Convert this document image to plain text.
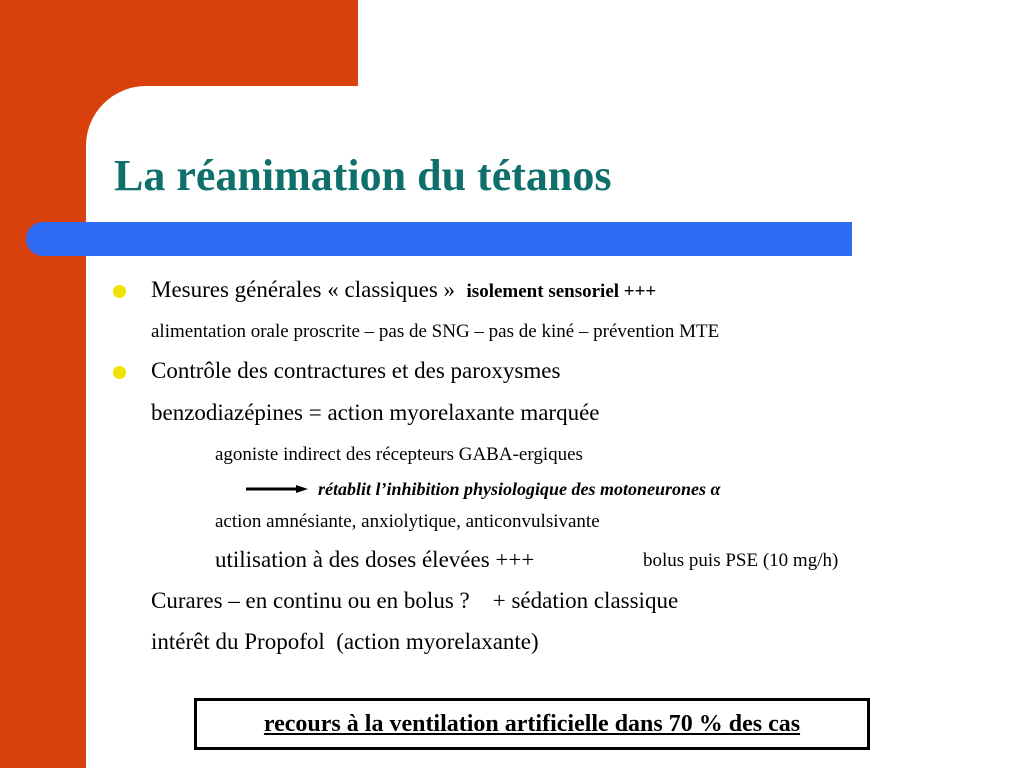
La réanimation du tétanos
Mesures générales « classiques » isolement sensoriel +++
alimentation orale proscrite – pas de SNG – pas de kiné – prévention MTE
Contrôle des contractures et des paroxysmes
benzodiazépines = action myorelaxante marquée
agoniste indirect des récepteurs GABA-ergiques
rétablit l’inhibition physiologique des motoneurones α
action amnésiante, anxiolytique, anticonvulsivante
utilisation à des doses élevées +++	bolus puis PSE (10 mg/h)
Curares – en continu ou en bolus ?    + sédation classique
intérêt du Propofol  (action myorelaxante)
recours à la ventilation artificielle dans 70 % des cas
